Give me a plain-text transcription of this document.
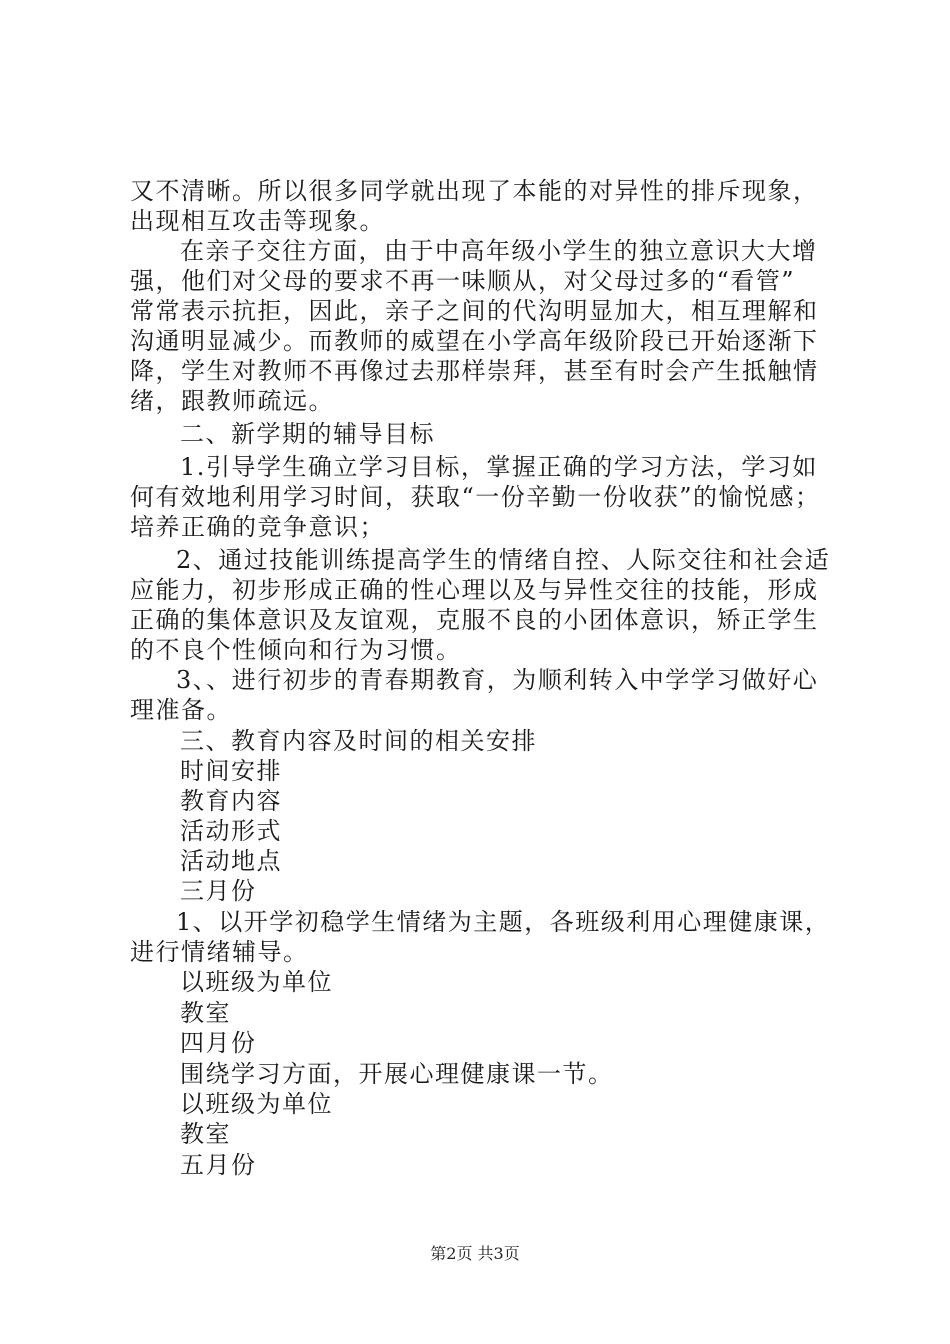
又不清晰。所以很多同学就出现了本能的对异性的排斥现象，
出现相互攻击等现象。
在亲子交往方面，由于中高年级小学生的独立意识大大增
强，他们对父母的要求不再一味顺从，对父母过多的“看管”
常常表示抗拒，因此，亲子之间的代沟明显加大，相互理解和
沟通明显减少。而教师的威望在小学高年级阶段已开始逐渐下
降，学生对教师不再像过去那样崇拜，甚至有时会产生抵触情
绪，跟教师疏远。
二、新学期的辅导目标
1.引导学生确立学习目标，掌握正确的学习方法，学习如
何有效地利用学习时间，获取“一份辛勤一份收获”的愉悦感；
培养正确的竞争意识；
2、通过技能训练提高学生的情绪自控、人际交往和社会适
应能力，初步形成正确的性心理以及与异性交往的技能，形成
正确的集体意识及友谊观，克服不良的小团体意识，矫正学生
的不良个性倾向和行为习惯。
3、、进行初步的青春期教育，为顺利转入中学学习做好心
理准备。
三、教育内容及时间的相关安排
时间安排
教育内容
活动形式
活动地点
三月份
1、以开学初稳学生情绪为主题，各班级利用心理健康课，
进行情绪辅导。
以班级为单位
教室
四月份
围绕学习方面，开展心理健康课一节。
以班级为单位
教室
五月份
第2页 共3页
